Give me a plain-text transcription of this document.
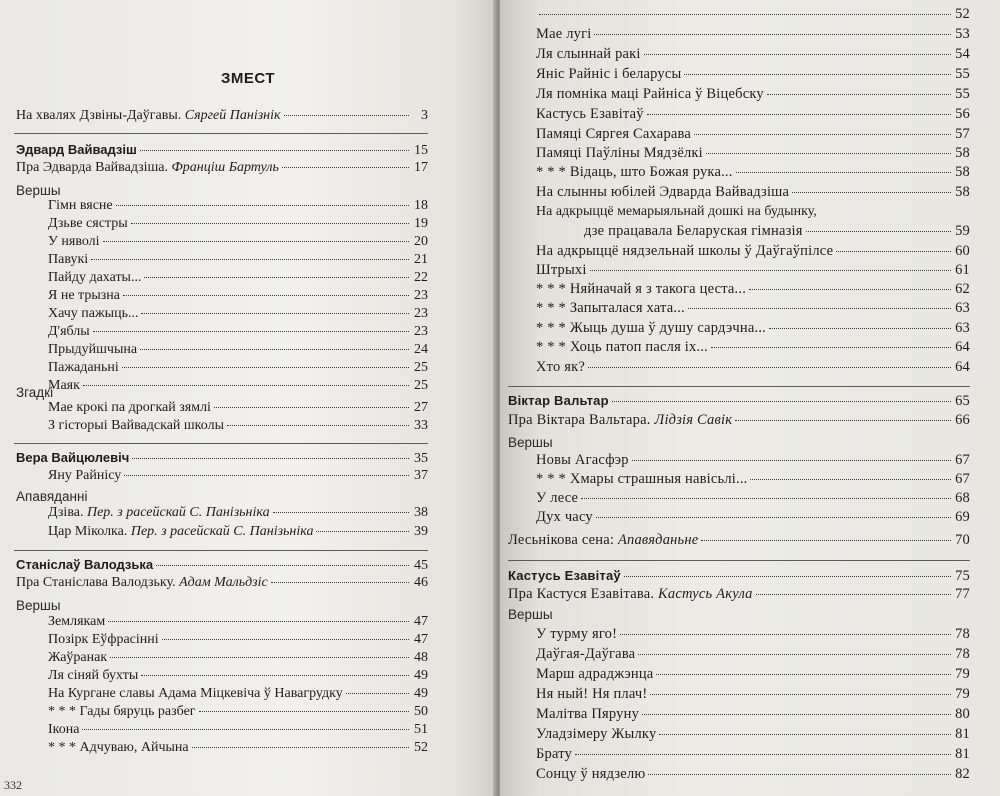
ЗМЕСТ
На хвалях Дзвіны-Даўгавы. Сяргей Панізнік	3
Эдвард Вайвадзіш	15
Пра Эдварда Вайвадзіша. Францiш Бартуль	17
Вершы
Гімн вясне	18
Дзьве сястры	19
У няволі	20
Павукі	21
Пайду дахаты...	22
Я не трызна	23
Хачу пажыць...	23
Д'яблы	23
Прыдуйшчына	24
Пажаданьні	25
Маяк	25
Згадкі
Мае крокі па дрогкай зямлі	27
З гісторыі Вайвадскай школы	33
Вера Вайцюлевіч	35
Яну Райнісу	37
Апавяданні
Дзіва. Пер. з расейскай С. Панізьніка	38
Цар Міколка. Пер. з расейскай С. Панізьніка	39
Станіслаў Валодзька	45
Пра Станіслава Валодзьку. Адам Мальдзіс	46
Вершы
Землякам	47
Позірк Еўфрасінні	47
Жаўранак	48
Ля сіняй бухты	49
На Кургане славы Адама Міцкевіча ў Навагрудку	49
* * * Гады бяруць разбег	50
Ікона	51
* * * Адчуваю, Айчына	52
332
52
Мае лугі	53
Ля слыннай ракі	54
Яніс Райніс і беларусы	55
Ля помніка маці Райніса ў Віцебску	55
Кастусь Езавітаў	56
Памяці Сяргея Сахарава	57
Памяці Паўліны Мядзёлкі	58
* * * Відаць, што Божая рука...	58
На слынны юбілей Эдварда Вайвадзіша	58
На адкрыццё мемарыяльнай дошкі на будынку,
дзе працавала Беларуская гімназія	59
На адкрыццё нядзельнай школы ў Даўгаўпілсе	60
Штрыхі	61
* * * Няйначай я з такога цеста...	62
* * * Запыталася хата...	63
* * * Жыць душа ў душу сардэчна...	63
* * * Хоць патоп пасля іх...	64
Хто як?	64
Віктар Вальтар	65
Пра Віктара Вальтара. Лідзія Савік	66
Вершы
Новы Агасфэр	67
* * * Хмары страшныя навісьлі...	67
У лесе	68
Дух часу	69
Лесьнікова сена: Апавяданьне	70
Кастусь Езавітаў	75
Пра Кастуся Езавітава. Кастусь Акула	77
Вершы
У турму яго!	78
Даўгая-Даўгава	78
Марш адраджэнца	79
Ня ный! Ня плач!	79
Малітва Пяруну	80
Уладзімеру Жылку	81
Брату	81
Сонцу ў нядзелю	82
